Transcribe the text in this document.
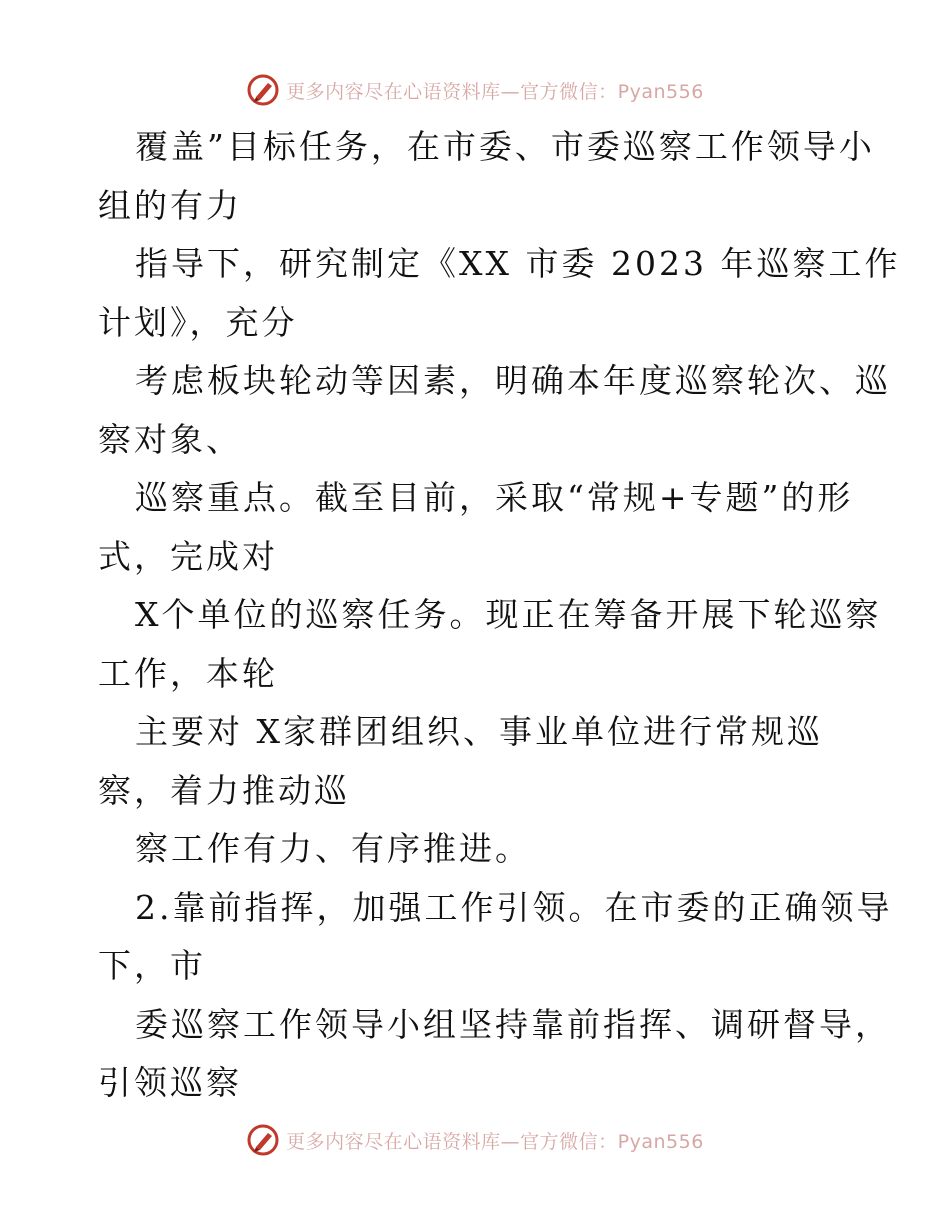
更多内容尽在心语资料库—官方微信：Pyan556
覆盖”目标任务，在市委、市委巡察工作领导小
组的有力
指导下，研究制定《XX 市委 2023 年巡察工作
计划》，充分
考虑板块轮动等因素，明确本年度巡察轮次、巡
察对象、
巡察重点。截至目前，采取“常规+专题”的形
式，完成对
X个单位的巡察任务。现正在筹备开展下轮巡察
工作，本轮
主要对 X家群团组织、事业单位进行常规巡
察，着力推动巡
察工作有力、有序推进。
2.靠前指挥，加强工作引领。在市委的正确领导
下，市
委巡察工作领导小组坚持靠前指挥、调研督导，
引领巡察
更多内容尽在心语资料库—官方微信：Pyan556
